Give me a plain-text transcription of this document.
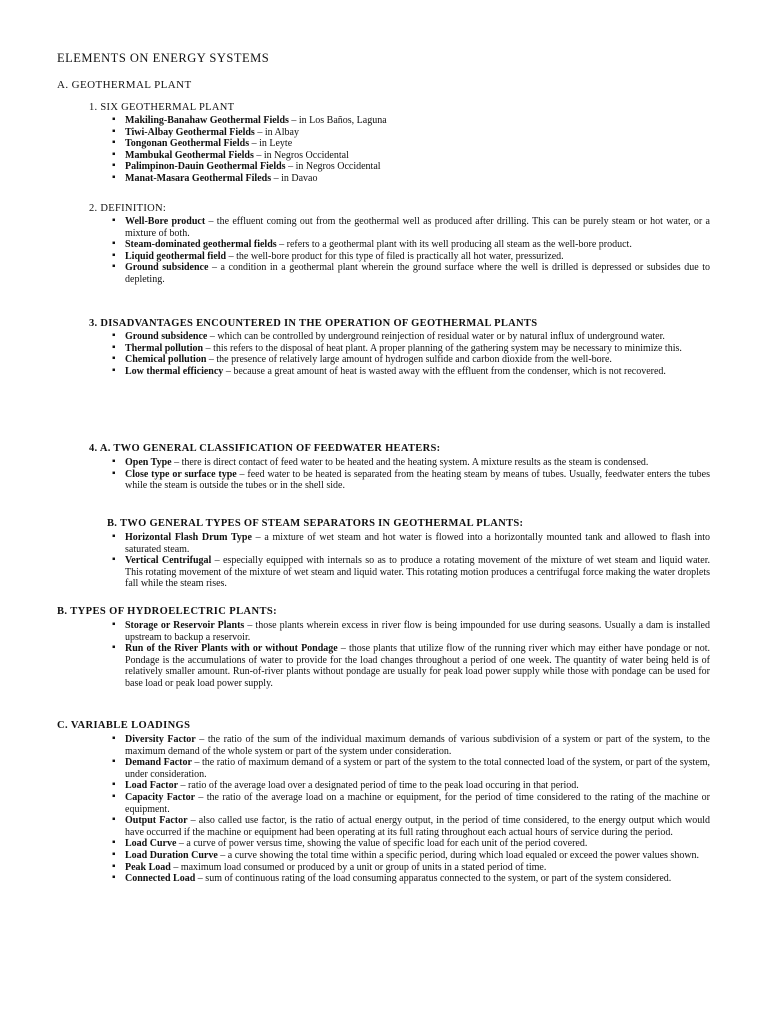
ELEMENTS ON ENERGY SYSTEMS
A. GEOTHERMAL PLANT
1. SIX GEOTHERMAL PLANT
▪ Makiling-Banahaw Geothermal Fields – in Los Baños, Laguna
▪ Tiwi-Albay Geothermal Fields – in Albay
▪ Tongonan Geothermal Fields – in Leyte
▪ Mambukal Geothermal Fields – in Negros Occidental
▪ Palimpinon-Dauin Geothermal Fields – in Negros Occidental
▪ Manat-Masara Geothermal Fileds – in Davao
2. DEFINITION:
▪ Well-Bore product – the effluent coming out from the geothermal well as produced after drilling. This can be purely steam or hot water, or a mixture of both.
▪ Steam-dominated geothermal fields – refers to a geothermal plant with its well producing all steam as the well-bore product.
▪ Liquid geothermal field – the well-bore product for this type of filed is practically all hot water, pressurized.
▪ Ground subsidence – a condition in a geothermal plant wherein the ground surface where the well is drilled is depressed or subsides due to depleting.
3. DISADVANTAGES ENCOUNTERED IN THE OPERATION OF GEOTHERMAL PLANTS
▪ Ground subsidence – which can be controlled by underground reinjection of residual water or by natural influx of underground water.
▪ Thermal pollution – this refers to the disposal of heat plant. A proper planning of the gathering system may be necessary to minimize this.
▪ Chemical pollution – the presence of relatively large amount of hydrogen sulfide and carbon dioxide from the well-bore.
▪ Low thermal efficiency – because a great amount of heat is wasted away with the effluent from the condenser, which is not recovered.
4. A. TWO GENERAL CLASSIFICATION OF FEEDWATER HEATERS:
▪ Open Type – there is direct contact of feed water to be heated and the heating system. A mixture results as the steam is condensed.
▪ Close type or surface type – feed water to be heated is separated from the heating steam by means of tubes. Usually, feedwater enters the tubes while the steam is outside the tubes or in the shell side.
B. TWO GENERAL TYPES OF STEAM SEPARATORS IN GEOTHERMAL PLANTS:
▪ Horizontal Flash Drum Type – a mixture of wet steam and hot water is flowed into a horizontally mounted tank and allowed to flash into saturated steam.
▪ Vertical Centrifugal – especially equipped with internals so as to produce a rotating movement of the mixture of wet steam and liquid water. This rotating movement of the mixture of wet steam and liquid water. This rotating motion produces a centrifugal force making the water droplets fall while the steam rises.
B. TYPES OF HYDROELECTRIC PLANTS:
▪ Storage or Reservoir Plants – those plants wherein excess in river flow is being impounded for use during seasons. Usually a dam is installed upstream to backup a reservoir.
▪ Run of the River Plants with or without Pondage – those plants that utilize flow of the running river which may either have pondage or not. Pondage is the accumulations of water to provide for the load changes throughout a period of one week. The quantity of water being held is of relatively smaller amount. Run-of-river plants without pondage are usually for peak load power supply while those with pondage can be used for base load or peak load power supply.
C. VARIABLE LOADINGS
▪ Diversity Factor – the ratio of the sum of the individual maximum demands of various subdivision of a system or part of the system, to the maximum demand of the whole system or part of the system under consideration.
▪ Demand Factor – the ratio of maximum demand of a system or part of the system to the total connected load of the system, or part of the system, under consideration.
▪ Load Factor – ratio of the average load over a designated period of time to the peak load occuring in that period.
▪ Capacity Factor – the ratio of the average load on a machine or equipment, for the period of time considered to the rating of the machine or equipment.
▪ Output Factor – also called use factor, is the ratio of actual energy output, in the period of time considered, to the energy output which would have occurred if the machine or equipment had been operating at its full rating throughout each actual hours of service during the period.
▪ Load Curve – a curve of power versus time, showing the value of specific load for each unit of the period covered.
▪ Load Duration Curve – a curve showing the total time within a specific period, during which load equaled or exceed the power values shown.
▪ Peak Load – maximum load consumed or produced by a unit or group of units in a stated period of time.
▪ Connected Load – sum of continuous rating of the load consuming apparatus connected to the system, or part of the system considered.
